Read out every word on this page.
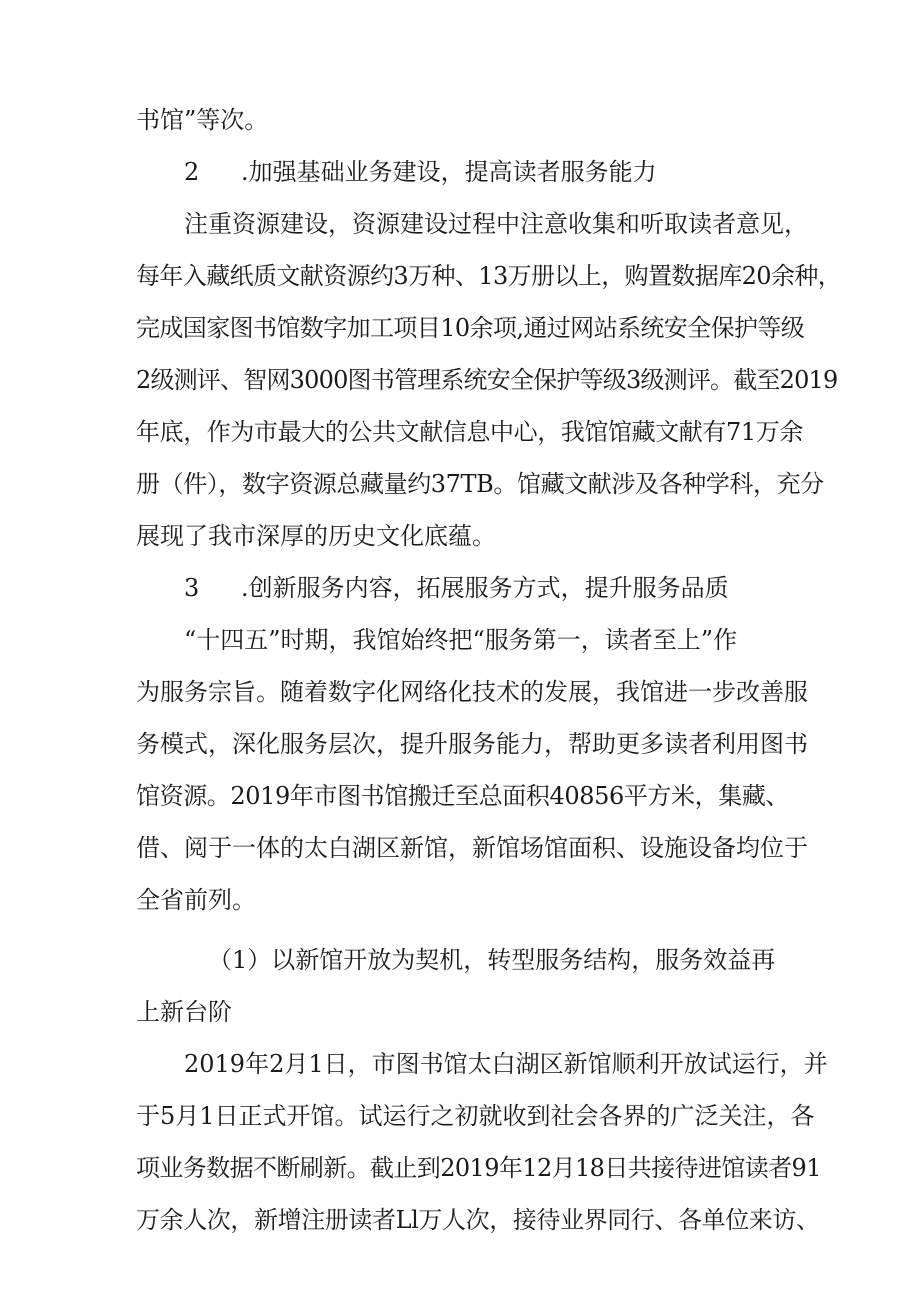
书馆”等次。

2 .加强基础业务建设，提高读者服务能力

注重资源建设，资源建设过程中注意收集和听取读者意见，

每年入藏纸质文献资源约3万种、13万册以上，购置数据库20余种，

完成国家图书馆数字加工项目10余项,通过网站系统安全保护等级

2级测评、智网3000图书管理系统安全保护等级3级测评。截至2019

年底，作为市最大的公共文献信息中心，我馆馆藏文献有71万余

册（件），数字资源总藏量约37TB。馆藏文献涉及各种学科，充分

展现了我市深厚的历史文化底蕴。

3 .创新服务内容，拓展服务方式，提升服务品质

“十四五”时期，我馆始终把“服务第一，读者至上”作

为服务宗旨。随着数字化网络化技术的发展，我馆进一步改善服

务模式，深化服务层次，提升服务能力，帮助更多读者利用图书

馆资源。2019年市图书馆搬迁至总面积40856平方米，集藏、

借、阅于一体的太白湖区新馆，新馆场馆面积、设施设备均位于

全省前列。

（1）以新馆开放为契机，转型服务结构，服务效益再

上新台阶

2019年2月1日，市图书馆太白湖区新馆顺利开放试运行，并

于5月1日正式开馆。试运行之初就收到社会各界的广泛关注，各

项业务数据不断刷新。截止到2019年12月18日共接待进馆读者91

万余人次，新增注册读者Ll万人次，接待业界同行、各单位来访、
